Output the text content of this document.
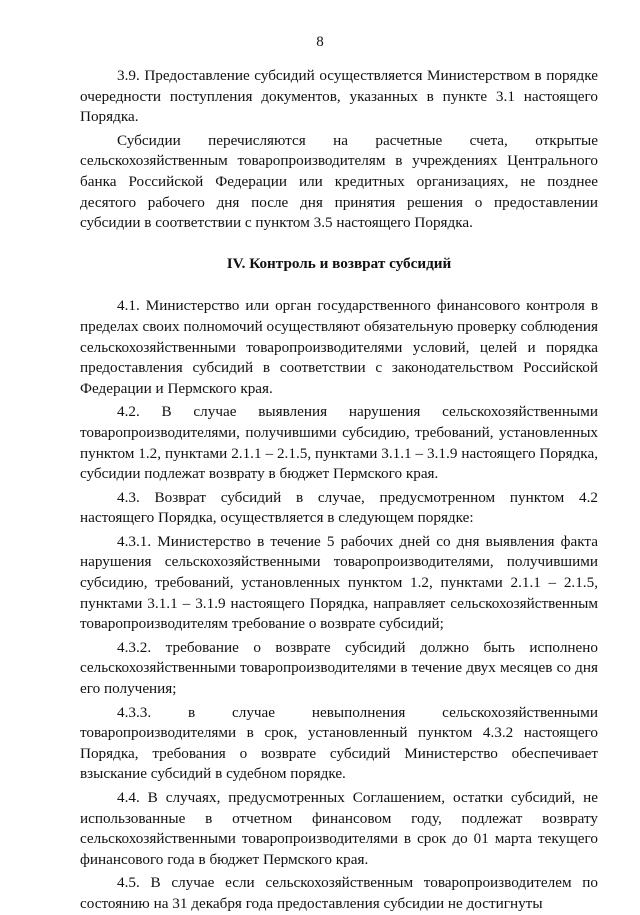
8

3.9. Предоставление субсидий осуществляется Министерством в порядке очередности поступления документов, указанных в пункте 3.1 настоящего Порядка.

Субсидии перечисляются на расчетные счета, открытые сельскохозяйственным товаропроизводителям в учреждениях Центрального банка Российской Федерации или кредитных организациях, не позднее десятого рабочего дня после дня принятия решения о предоставлении субсидии в соответствии с пунктом 3.5 настоящего Порядка.

IV. Контроль и возврат субсидий

4.1. Министерство или орган государственного финансового контроля в пределах своих полномочий осуществляют обязательную проверку соблюдения сельскохозяйственными товаропроизводителями условий, целей и порядка предоставления субсидий в соответствии с законодательством Российской Федерации и Пермского края.

4.2. В случае выявления нарушения сельскохозяйственными товаропроизводителями, получившими субсидию, требований, установленных пунктом 1.2, пунктами 2.1.1 – 2.1.5, пунктами 3.1.1 – 3.1.9 настоящего Порядка, субсидии подлежат возврату в бюджет Пермского края.

4.3. Возврат субсидий в случае, предусмотренном пунктом 4.2 настоящего Порядка, осуществляется в следующем порядке:

4.3.1. Министерство в течение 5 рабочих дней со дня выявления факта нарушения сельскохозяйственными товаропроизводителями, получившими субсидию, требований, установленных пунктом 1.2, пунктами 2.1.1 – 2.1.5, пунктами 3.1.1 – 3.1.9 настоящего Порядка, направляет сельскохозяйственным товаропроизводителям требование о возврате субсидий;

4.3.2. требование о возврате субсидий должно быть исполнено сельскохозяйственными товаропроизводителями в течение двух месяцев со дня его получения;

4.3.3. в случае невыполнения сельскохозяйственными товаропроизводителями в срок, установленный пунктом 4.3.2 настоящего Порядка, требования о возврате субсидий Министерство обеспечивает взыскание субсидий в судебном порядке.

4.4. В случаях, предусмотренных Соглашением, остатки субсидий, не использованные в отчетном финансовом году, подлежат возврату сельскохозяйственными товаропроизводителями в срок до 01 марта текущего финансового года в бюджет Пермского края.

4.5. В случае если сельскохозяйственным товаропроизводителем по состоянию на 31 декабря года предоставления субсидии не достигнуты
